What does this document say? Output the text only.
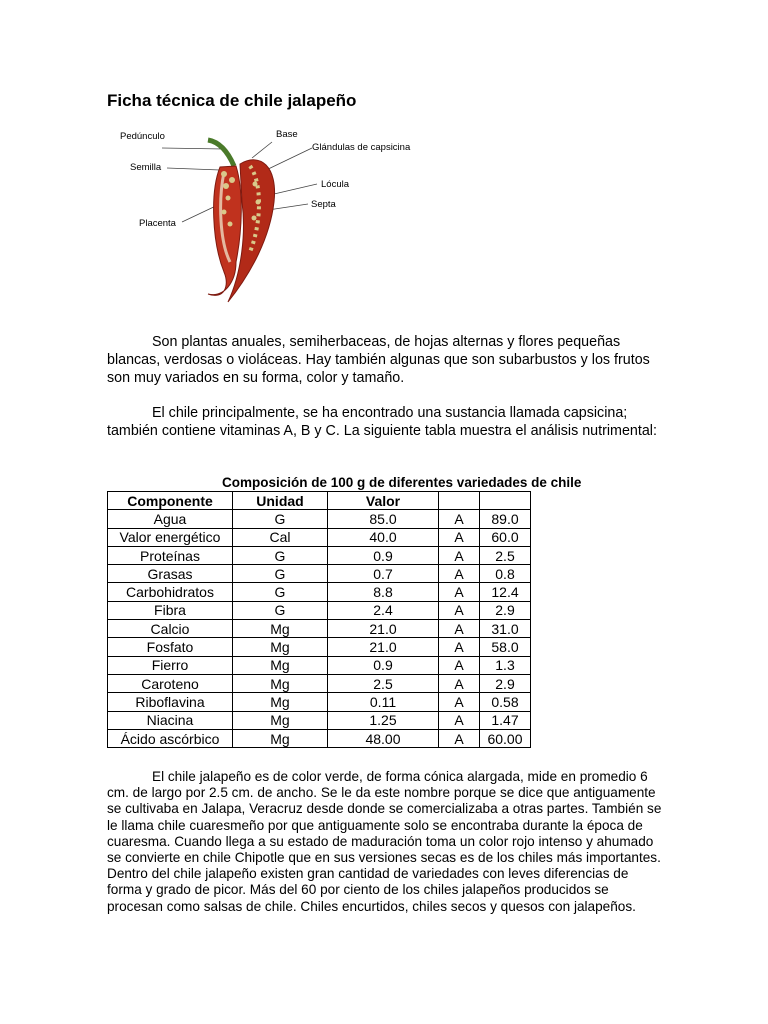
Ficha técnica de chile jalapeño
Pedúnculo
Semilla
Placenta
Base
Glándulas de capsicina
Lócula
Septa

Son plantas anuales, semiherbaceas, de hojas alternas y flores pequeñas blancas, verdosas o violáceas. Hay también algunas que son subarbustos y los frutos son muy variados en su forma, color y tamaño.

El chile principalmente, se ha encontrado una sustancia llamada capsicina; también contiene vitaminas A, B y C. La siguiente tabla muestra el análisis nutrimental:

Composición de 100 g de diferentes variedades de chile
Componente	Unidad	Valor		
Agua	G	85.0	A	89.0
Valor energético	Cal	40.0	A	60.0
Proteínas	G	0.9	A	2.5
Grasas	G	0.7	A	0.8
Carbohidratos	G	8.8	A	12.4
Fibra	G	2.4	A	2.9
Calcio	Mg	21.0	A	31.0
Fosfato	Mg	21.0	A	58.0
Fierro	Mg	0.9	A	1.3
Caroteno	Mg	2.5	A	2.9
Riboflavina	Mg	0.11	A	0.58
Niacina	Mg	1.25	A	1.47
Ácido ascórbico	Mg	48.00	A	60.00

El chile jalapeño es de color verde, de forma cónica alargada, mide en promedio 6 cm. de largo por 2.5 cm. de ancho. Se le da este nombre porque se dice que antiguamente se cultivaba en Jalapa, Veracruz desde donde se comercializaba a otras partes. También se le llama chile cuaresmeño por que antiguamente solo se encontraba durante la época de cuaresma. Cuando llega a su estado de maduración toma un color rojo intenso y ahumado se convierte en chile Chipotle que en sus versiones secas es de los chiles más importantes. Dentro del chile jalapeño existen gran cantidad de variedades con leves diferencias de forma y grado de picor. Más del 60 por ciento de los chiles jalapeños producidos se procesan como salsas de chile. Chiles encurtidos, chiles secos y quesos con jalapeños.
